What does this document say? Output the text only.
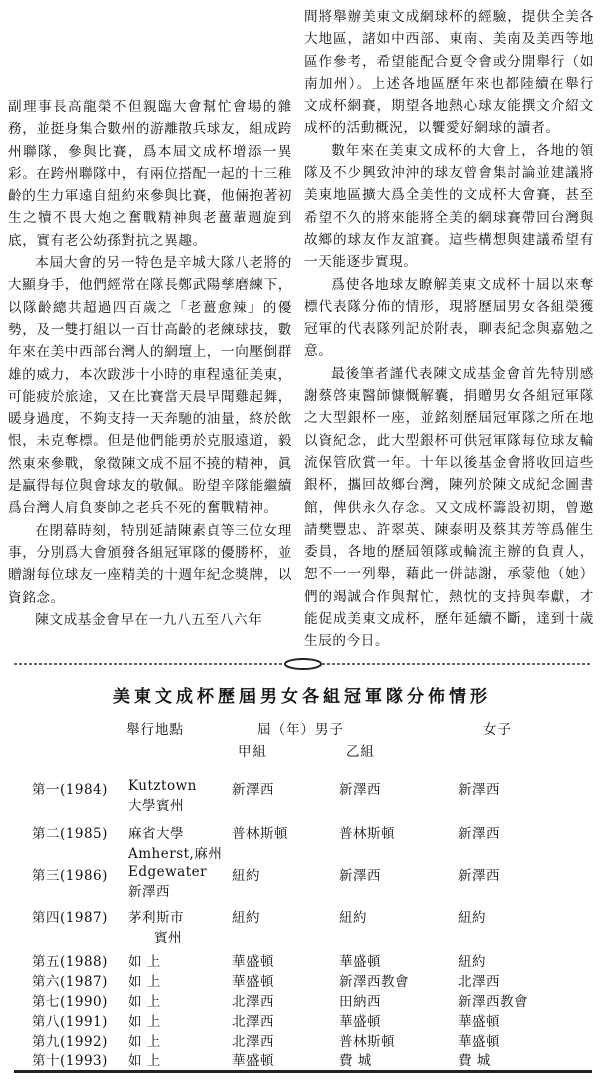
副理事長高龍榮不但親臨大會幫忙會場的雜務，並挺身集合數州的游離散兵球友，組成跨州聯隊，參與比賽，爲本屆文成杯增添一異彩。在跨州聯隊中，有兩位搭配一起的十三稚齡的生力軍遠自紐約來參與比賽，他倆抱著初生之犢不畏大炮之奮戰精神與老薑輩週旋到底，實有老公幼孫對抗之異趣。

本屆大會的另一特色是辛城大隊八老將的大顯身手，他們經常在隊長鄭武陽孳磨練下，以隊齡總共超過四百歲之「老薑愈辣」的優勢，及一雙打組以一百廿高齡的老練球技，數年來在美中西部台灣人的網壇上，一向壓倒群雄的威力，本次跋涉十小時的車程遠征美東，可能疲於旅途，又在比賽當天晨早聞雞起舞，暖身過度，不夠支持一天奔馳的油量，終於飲恨，未克奪標。但是他們能勇於克服遠道，毅然東來參戰，象徵陳文成不屈不撓的精神，眞是贏得每位與會球友的敬佩。盼望辛隊能繼續爲台灣人肩負麥帥之老兵不死的奮戰精神。

在閉幕時刻，特別延請陳素貞等三位女理事，分別爲大會頒發各組冠軍隊的優勝杯，並贈謝每位球友一座精美的十週年紀念獎牌，以資銘念。

陳文成基金會早在一九八五至八六年

間將舉辦美東文成網球杯的經驗，提供全美各大地區，諸如中西部、東南、美南及美西等地區作參考，希望能配合夏令會或分開舉行（如南加州）。上述各地區歷年來也都陸續在舉行文成杯網賽，期望各地熱心球友能撰文介紹文成杯的活動概況，以饗愛好網球的讀者。

數年來在美東文成杯的大會上，各地的領隊及不少興致沖沖的球友曾會集討論並建議將美東地區擴大爲全美性的文成杯大會賽，甚至希望不久的將來能將全美的網球賽帶回台灣與故鄉的球友作友誼賽。這些構想與建議希望有一天能逐步實現。

爲使各地球友瞭解美東文成杯十屆以來奪標代表隊分佈的情形，現將歷屆男女各組榮獲冠軍的代表隊列記於附表，聊表紀念與嘉勉之意。

最後筆者謹代表陳文成基金會首先特別感謝蔡啓東醫師慷慨解囊，捐贈男女各組冠軍隊之大型銀杯一座，並銘刻歷屆冠軍隊之所在地以資紀念，此大型銀杯可供冠軍隊每位球友輪流保管欣賞一年。十年以後基金會將收回這些銀杯，攜回故鄉台灣，陳列於陳文成紀念圖書館，俾供永久存念。又文成杯籌設初期，曾邀請樊豐忠、許翠英、陳泰明及蔡其芳等爲催生委員，各地的歷屆領隊或輪流主辦的負責人，恕不一一列舉，藉此一併誌謝，承蒙他（她）們的竭誠合作與幫忙，熱忱的支持與奉獻，才能促成美東文成杯，歷年延續不斷，達到十歲生辰的今日。

美東文成杯歷屆男女各組冠軍隊分佈情形
舉行地點	屆（年）男子
甲組	乙組
女子
第一(1984) Kutztown
大學賓州
新澤西	新澤西	新澤西
第二(1985) 麻省大學
Amherst,麻州
普林斯頓	普林斯頓	新澤西
第三(1986) Edgewater
新澤西
紐約	新澤西	新澤西
第四(1987) 茅利斯市
賓州
紐約	紐約	紐約
第五(1988) 如 上	華盛頓	華盛頓	紐約
第六(1987) 如 上	華盛頓	新澤西教會	北澤西
第七(1990) 如 上	北澤西	田納西	新澤西教會
第八(1991) 如 上	北澤西	華盛頓	華盛頓
第九(1992) 如 上	北澤西	普林斯頓	華盛頓
第十(1993) 如 上	華盛頓	費 城	費 城
